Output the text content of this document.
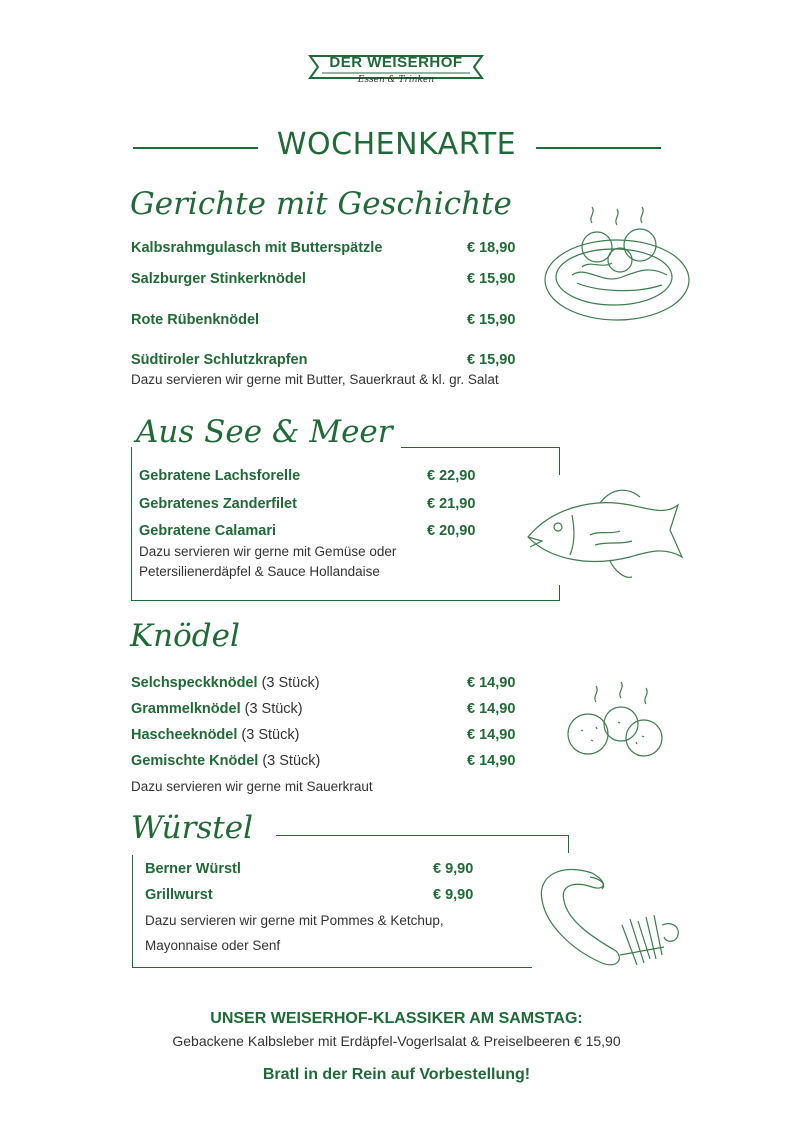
DER WEISERHOF
Essen & Trinken
WOCHENKARTE
Gerichte mit Geschichte
Kalbsrahmgulasch mit Butterspätzle	€ 18,90
Salzburger Stinkerknödel	€ 15,90
Rote Rübenknödel	€ 15,90
Südtiroler Schlutzkrapfen	€ 15,90
Dazu servieren wir gerne mit Butter, Sauerkraut & kl. gr. Salat
Aus See & Meer
Gebratene Lachsforelle	€ 22,90
Gebratenes Zanderfilet	€ 21,90
Gebratene Calamari	€ 20,90
Dazu servieren wir gerne mit Gemüse oder
Petersilienerdäpfel & Sauce Hollandaise
Knödel
Selchspeckknödel (3 Stück)	€ 14,90
Grammelknödel (3 Stück)	€ 14,90
Hascheeknödel (3 Stück)	€ 14,90
Gemischte Knödel (3 Stück)	€ 14,90
Dazu servieren wir gerne mit Sauerkraut
Würstel
Berner Würstl	€ 9,90
Grillwurst	€ 9,90
Dazu servieren wir gerne mit Pommes & Ketchup,
Mayonnaise oder Senf
UNSER WEISERHOF-KLASSIKER AM SAMSTAG:
Gebackene Kalbsleber mit Erdäpfel-Vogerlsalat & Preiselbeeren € 15,90
Bratl in der Rein auf Vorbestellung!
